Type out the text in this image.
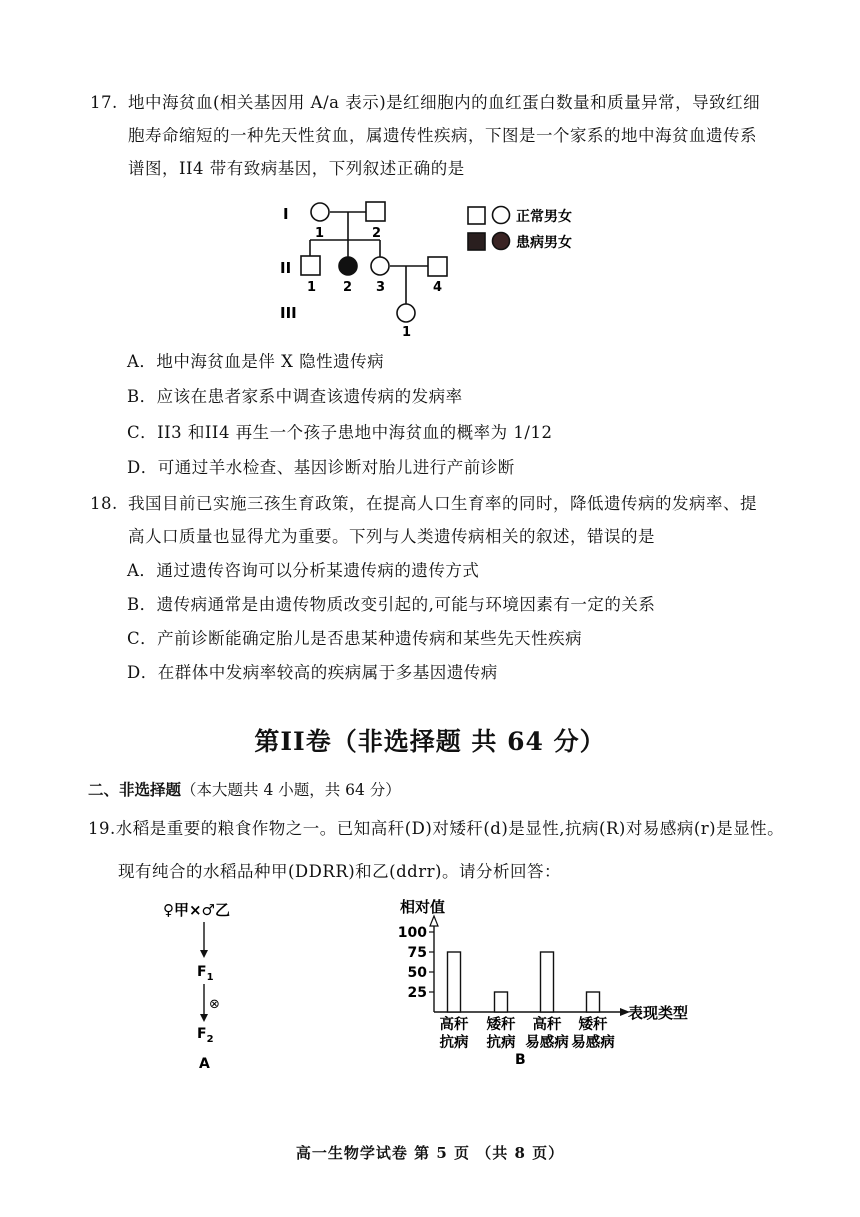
17. 地中海贫血(相关基因用 A/a 表示)是红细胞内的血红蛋白数量和质量异常，导致红细
胞寿命缩短的一种先天性贫血，属遗传性疾病，下图是一个家系的地中海贫血遗传系
谱图，II4 带有致病基因，下列叙述正确的是
I
II
III
1	2
1 2 3	4
1
正常男女
患病男女
A．地中海贫血是伴 X 隐性遗传病
B．应该在患者家系中调查该遗传病的发病率
C．II3 和II4 再生一个孩子患地中海贫血的概率为 1/12
D．可通过羊水检查、基因诊断对胎儿进行产前诊断
18. 我国目前已实施三孩生育政策，在提高人口生育率的同时，降低遗传病的发病率、提
高人口质量也显得尤为重要。下列与人类遗传病相关的叙述，错误的是
A．通过遗传咨询可以分析某遗传病的遗传方式
B．遗传病通常是由遗传物质改变引起的,可能与环境因素有一定的关系
C．产前诊断能确定胎儿是否患某种遗传病和某些先天性疾病
D．在群体中发病率较高的疾病属于多基因遗传病
第II卷（非选择题 共 64 分）
二、非选择题（本大题共 4 小题，共 64 分）
19.水稻是重要的粮食作物之一。已知高秆(D)对矮秆(d)是显性,抗病(R)对易感病(r)是显性。
现有纯合的水稻品种甲(DDRR)和乙(ddrr)。请分析回答：
♀甲×♂乙
$F_1$
⊗
$F_2$
A
相对值
表现类型
25
50
75
100
高秆
抗病
矮秆
抗病
高秆
易感病
矮秆
易感病
B
高一生物学试卷 第 5 页 （共 8 页）
